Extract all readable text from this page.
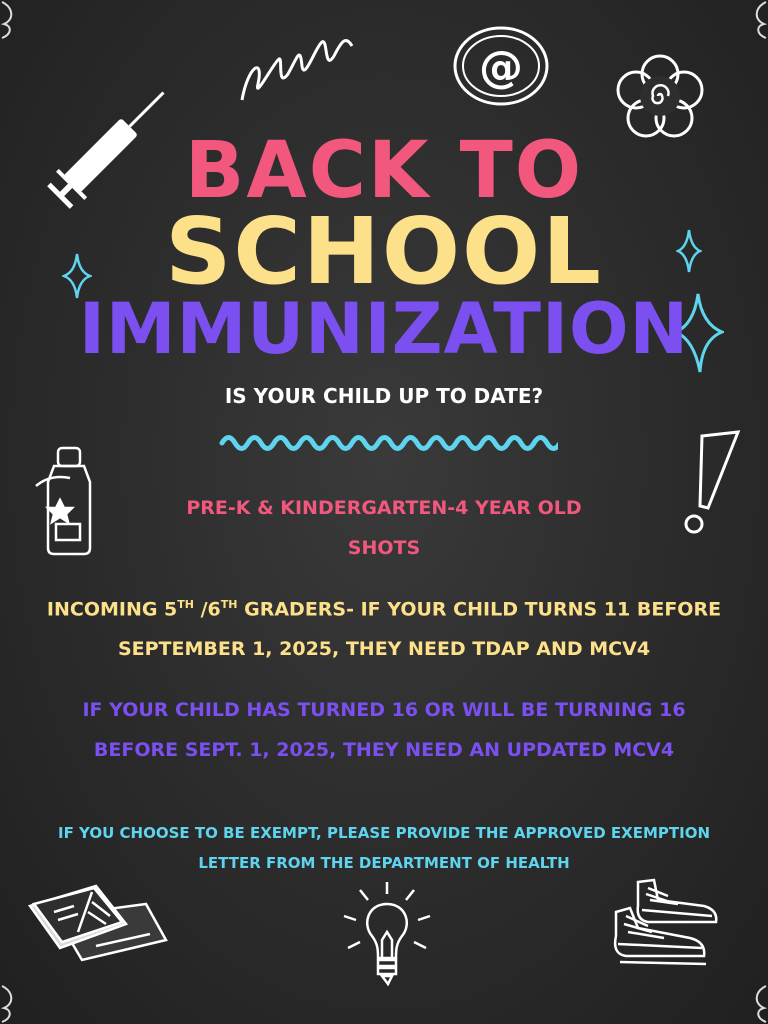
@
BACK TO
SCHOOL
IMMUNIZATION
IS YOUR CHILD UP TO DATE?
PRE-K & KINDERGARTEN-4 YEAR OLD
SHOTS
INCOMING 5TH /6TH GRADERS- IF YOUR CHILD TURNS 11 BEFORE
SEPTEMBER 1, 2025, THEY NEED TDAP AND MCV4
IF YOUR CHILD HAS TURNED 16 OR WILL BE TURNING 16
BEFORE SEPT. 1, 2025, THEY NEED AN UPDATED MCV4
IF YOU CHOOSE TO BE EXEMPT, PLEASE PROVIDE THE APPROVED EXEMPTION
LETTER FROM THE DEPARTMENT OF HEALTH
